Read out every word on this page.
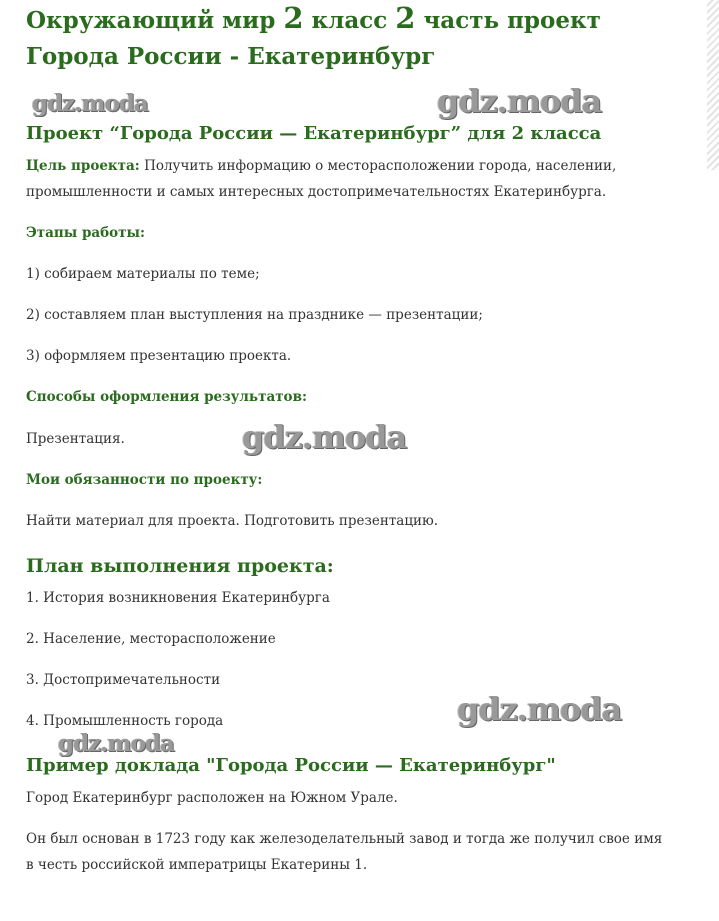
Окружающий мир 2 класс 2 часть проект Города России - Екатеринбург
gdz.moda	gdz.moda
Проект “Города России — Екатеринбург” для 2 класса

Цель проекта: Получить информацию о месторасположении города, населении, промышленности и самых интересных достопримечательностях Екатеринбурга.

Этапы работы:

1) собираем материалы по теме;

2) составляем план выступления на празднике — презентации;

3) оформляем презентацию проекта.

Способы оформления результатов:

Презентация.	gdz.moda
Мои обязанности по проекту:

Найти материал для проекта. Подготовить презентацию.

План выполнения проекта:

1. История возникновения Екатеринбурга

2. Население, месторасположение

3. Достопримечательности

4. Промышленность города	gdz.moda
gdz.moda
Пример доклада "Города России — Екатеринбург"

Город Екатеринбург расположен на Южном Урале.

Он был основан в 1723 году как железоделательный завод и тогда же получил свое имя в честь российской императрицы Екатерины 1.
